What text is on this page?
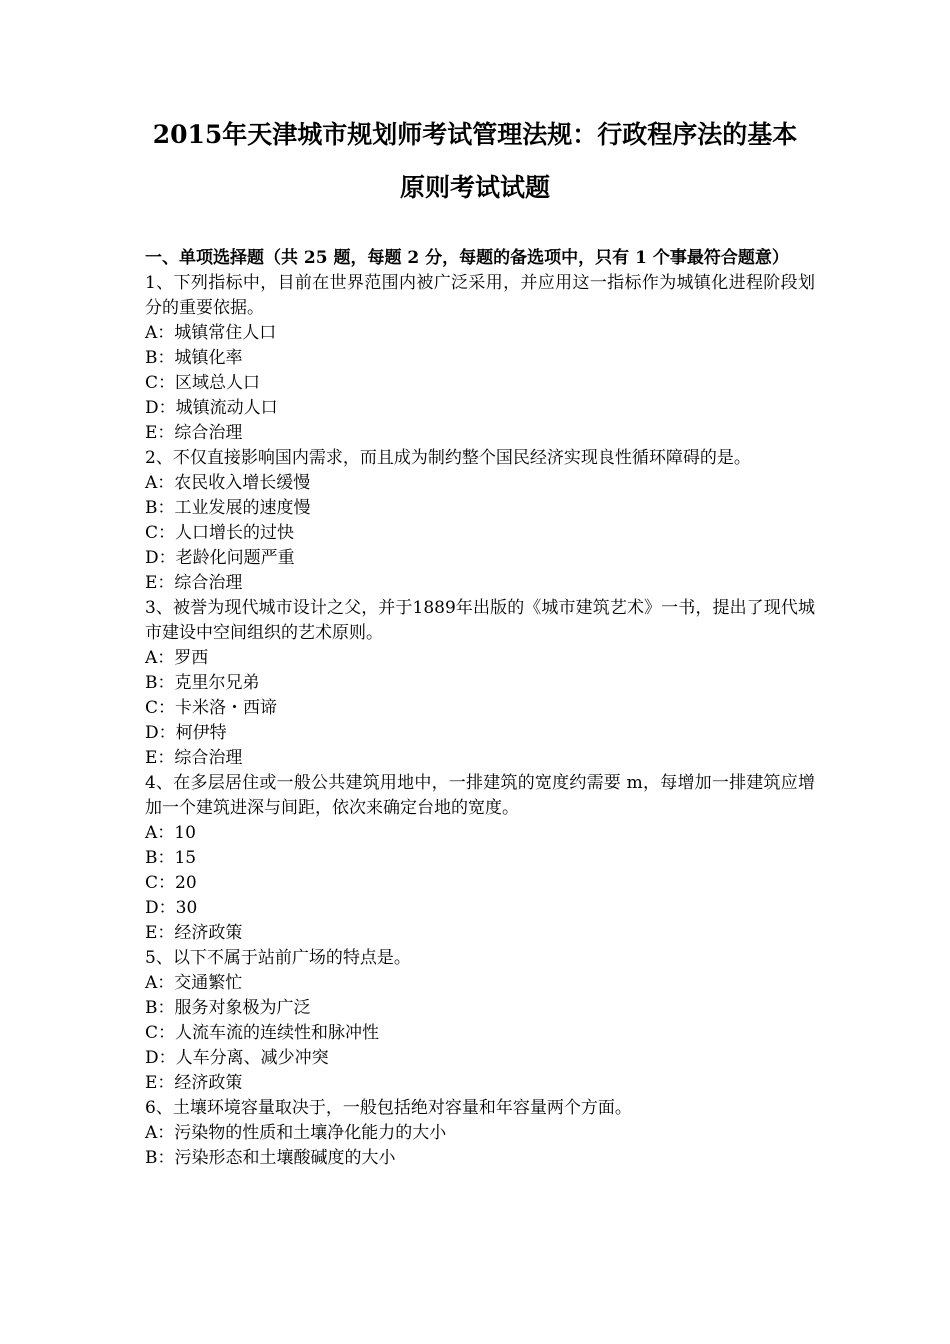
2015年天津城市规划师考试管理法规：行政程序法的基本
原则考试试题
一、单项选择题（共 25 题，每题 2 分，每题的备选项中，只有 1 个事最符合题意）
1、下列指标中，目前在世界范围内被广泛采用，并应用这一指标作为城镇化进程阶段划分的重要依据。
A：城镇常住人口
B：城镇化率
C：区域总人口
D：城镇流动人口
E：综合治理
2、不仅直接影响国内需求，而且成为制约整个国民经济实现良性循环障碍的是。
A：农民收入增长缓慢
B：工业发展的速度慢
C：人口增长的过快
D：老龄化问题严重
E：综合治理
3、被誉为现代城市设计之父，并于1889年出版的《城市建筑艺术》一书，提出了现代城市建设中空间组织的艺术原则。
A：罗西
B：克里尔兄弟
C：卡米洛・西谛
D：柯伊特
E：综合治理
4、在多层居住或一般公共建筑用地中，一排建筑的宽度约需要 m，每增加一排建筑应增加一个建筑进深与间距，依次来确定台地的宽度。
A：10
B：15
C：20
D：30
E：经济政策
5、以下不属于站前广场的特点是。
A：交通繁忙
B：服务对象极为广泛
C：人流车流的连续性和脉冲性
D：人车分离、减少冲突
E：经济政策
6、土壤环境容量取决于，一般包括绝对容量和年容量两个方面。
A：污染物的性质和土壤净化能力的大小
B：污染形态和土壤酸碱度的大小
